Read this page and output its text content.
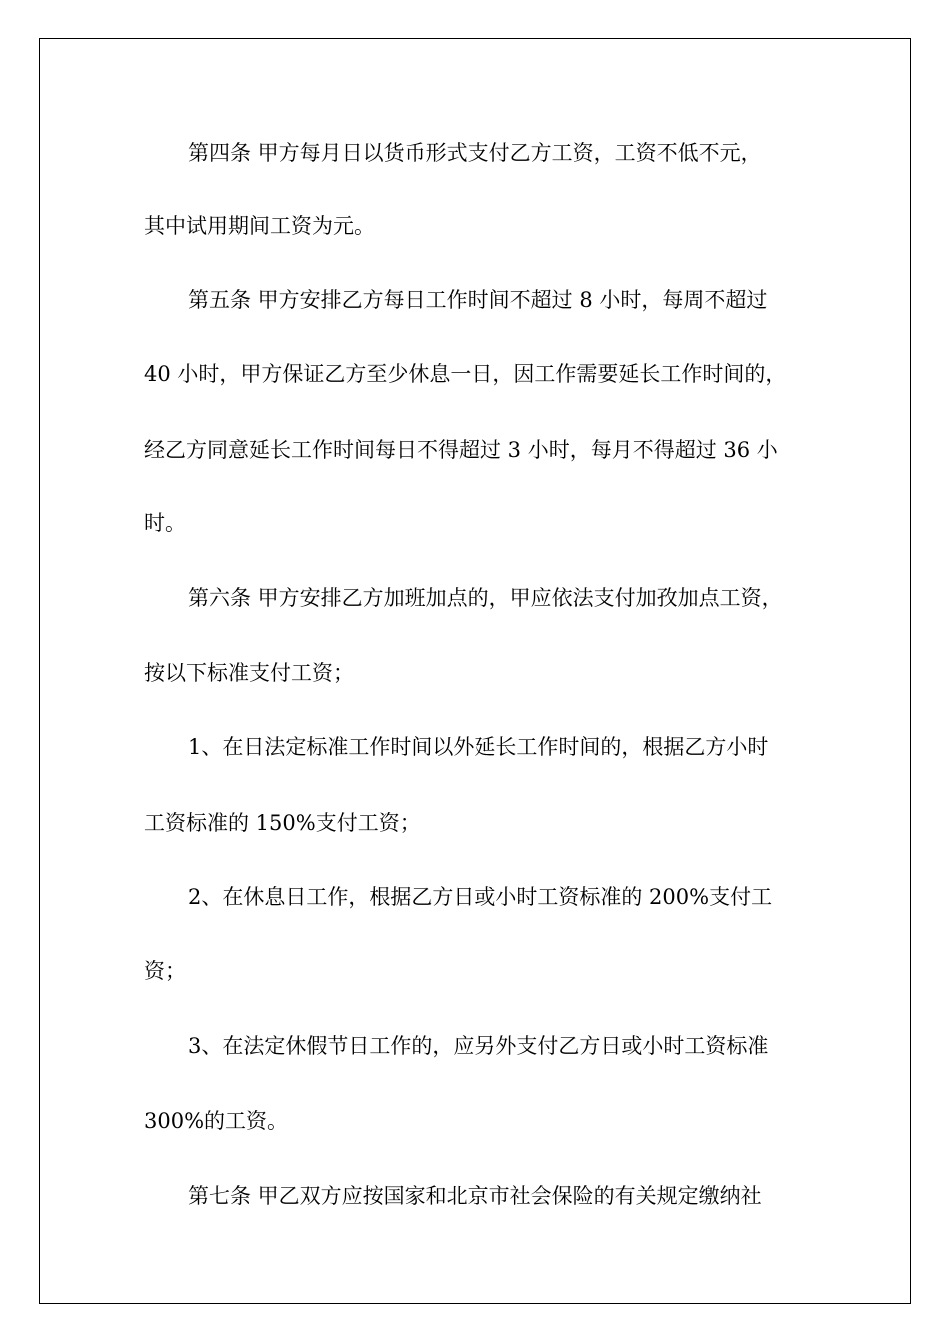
第四条 甲方每月日以货币形式支付乙方工资，工资不低不元，
其中试用期间工资为元。
第五条 甲方安排乙方每日工作时间不超过 8 小时，每周不超过
40 小时，甲方保证乙方至少休息一日，因工作需要延长工作时间的，
经乙方同意延长工作时间每日不得超过 3 小时，每月不得超过 36 小
时。
第六条 甲方安排乙方加班加点的，甲应依法支付加孜加点工资，
按以下标准支付工资；
1、在日法定标准工作时间以外延长工作时间的，根据乙方小时
工资标准的 150%支付工资；
2、在休息日工作，根据乙方日或小时工资标准的 200%支付工
资；
3、在法定休假节日工作的，应另外支付乙方日或小时工资标准
300%的工资。
第七条 甲乙双方应按国家和北京市社会保险的有关规定缴纳社
